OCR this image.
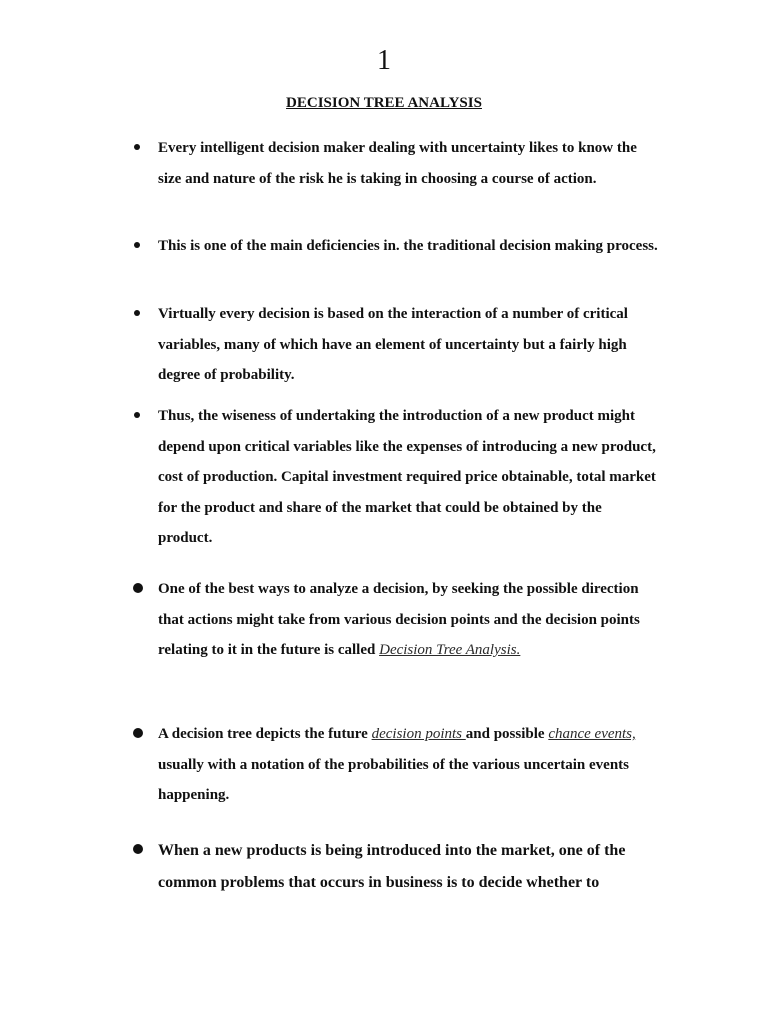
1
DECISION TREE ANALYSIS
Every intelligent decision maker dealing with uncertainty likes to know the size and nature of the risk he is taking in choosing a course of action.
This is one of the main deficiencies in. the traditional decision making process.
Virtually every decision is based on the interaction of a number of critical variables, many of which have an element of uncertainty but a fairly high degree of probability.
Thus, the wiseness of undertaking the introduction of a new product might depend upon critical variables like the expenses of introducing a new product, cost of production. Capital investment required price obtainable, total market for the product and share of the market that could be obtained by the product.
One of the best ways to analyze a decision, by seeking the possible direction that actions might take from various decision points and the decision points relating to it in the future is called Decision Tree Analysis.
A decision tree depicts the future decision points and possible chance events, usually with a notation of the probabilities of the various uncertain events happening.
When a new products is being introduced into the market, one of the common problems that occurs in business is to decide whether to
